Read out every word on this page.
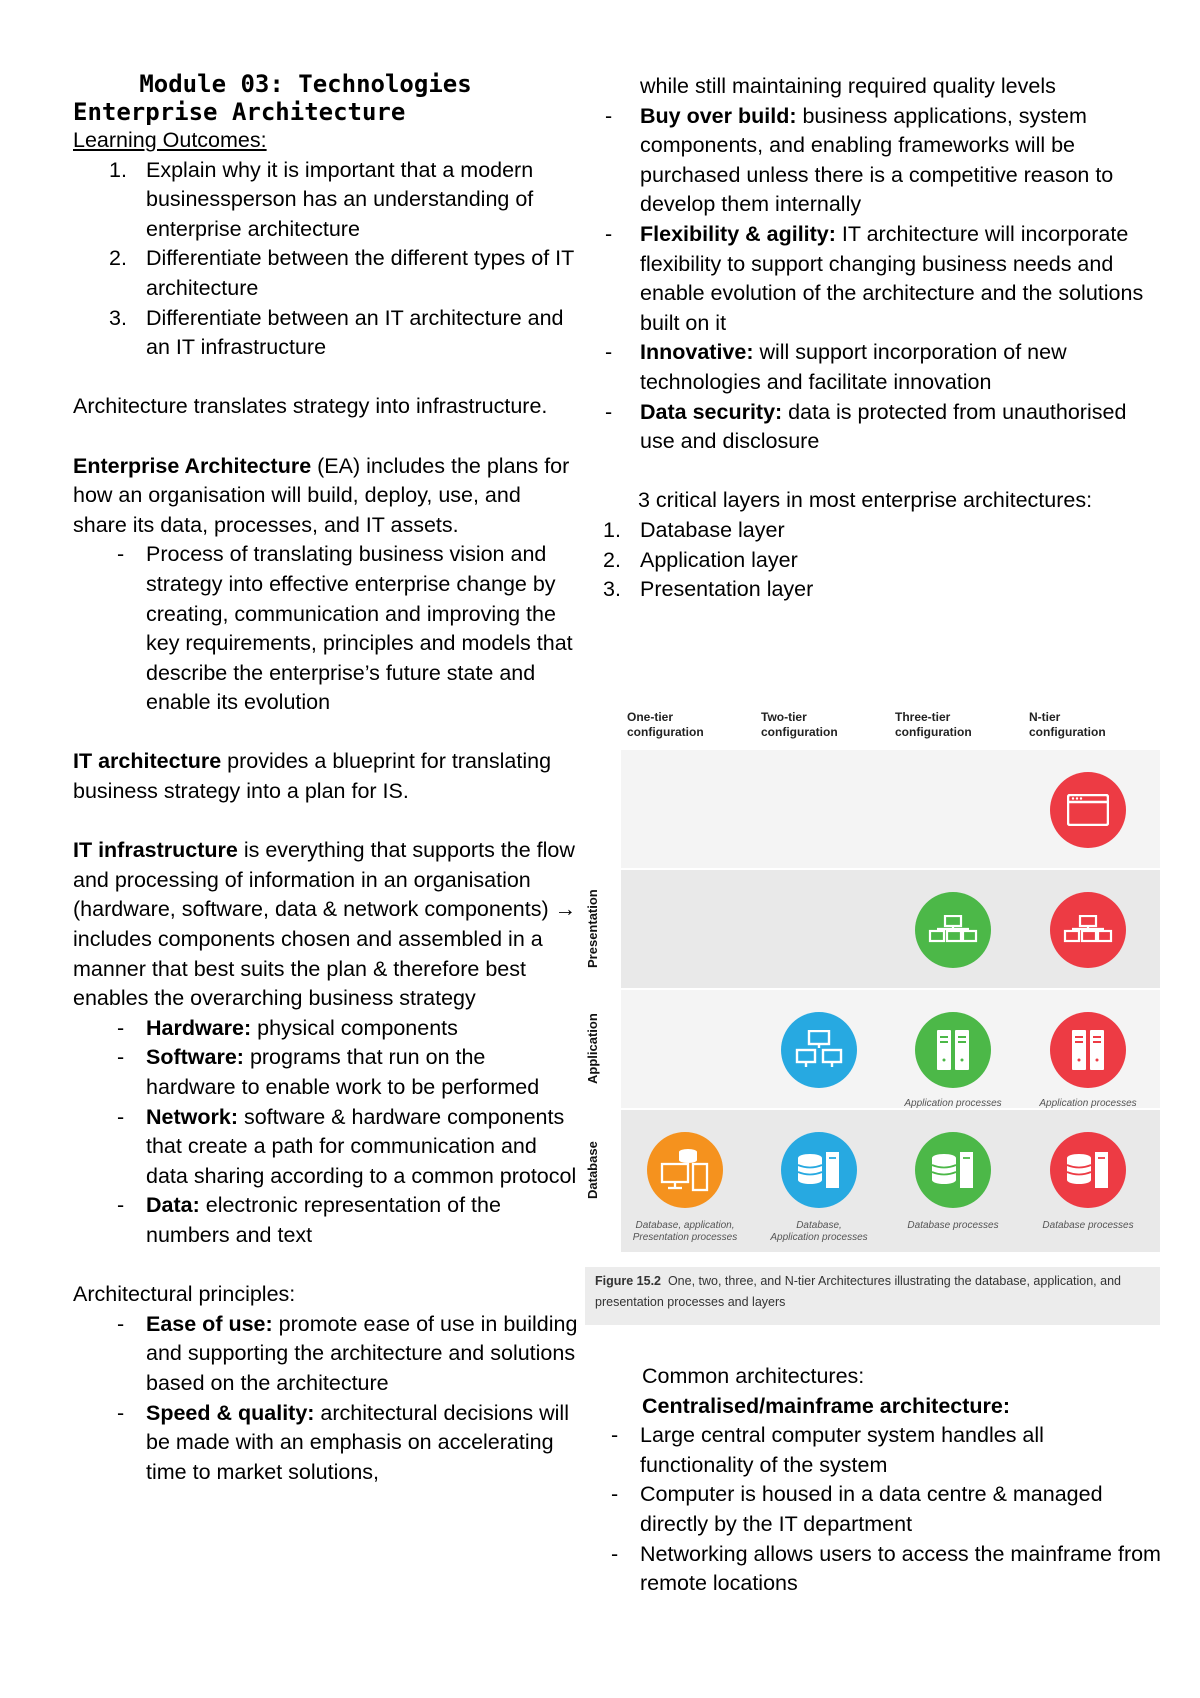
Module 03: Technologies
Enterprise Architecture

Learning Outcomes:

1. Explain why it is important that a modern businessperson has an understanding of enterprise architecture
2. Differentiate between the different types of IT architecture
3. Differentiate between an IT architecture and an IT infrastructure

Architecture translates strategy into infrastructure.

Enterprise Architecture (EA) includes the plans for how an organisation will build, deploy, use, and share its data, processes, and IT assets.

- Process of translating business vision and strategy into effective enterprise change by creating, communication and improving the key requirements, principles and models that describe the enterprise’s future state and enable its evolution

IT architecture provides a blueprint for translating business strategy into a plan for IS.

IT infrastructure is everything that supports the flow and processing of information in an organisation (hardware, software, data & network components) → includes components chosen and assembled in a manner that best suits the plan & therefore best enables the overarching business strategy

- Hardware: physical components
- Software: programs that run on the hardware to enable work to be performed
- Network: software & hardware components that create a path for communication and data sharing according to a common protocol
- Data: electronic representation of the numbers and text

Architectural principles:

- Ease of use: promote ease of use in building and supporting the architecture and solutions based on the architecture
- Speed & quality: architectural decisions will be made with an emphasis on accelerating time to market solutions,

while still maintaining required quality levels

- Buy over build: business applications, system components, and enabling frameworks will be purchased unless there is a competitive reason to develop them internally
- Flexibility & agility: IT architecture will incorporate flexibility to support changing business needs and enable evolution of the architecture and the solutions built on it
- Innovative: will support incorporation of new technologies and facilitate innovation
- Data security: data is protected from unauthorised use and disclosure

3 critical layers in most enterprise architectures:

1. Database layer
2. Application layer
3. Presentation layer
One-tier
configuration
Two-tier
configuration
Three-tier
configuration
N-tier
configuration
Presentation
Application
Database
Application processes	Application processes
Database, application,
Presentation processes
Database,
Application processes
Database processes	Database processes
Figure 15.2 One, two, three, and N-tier Architectures illustrating the database, application, and presentation processes and layers

Common architectures:

Centralised/mainframe architecture:

- Large central computer system handles all functionality of the system
- Computer is housed in a data centre & managed directly by the IT department
- Networking allows users to access the mainframe from remote locations
